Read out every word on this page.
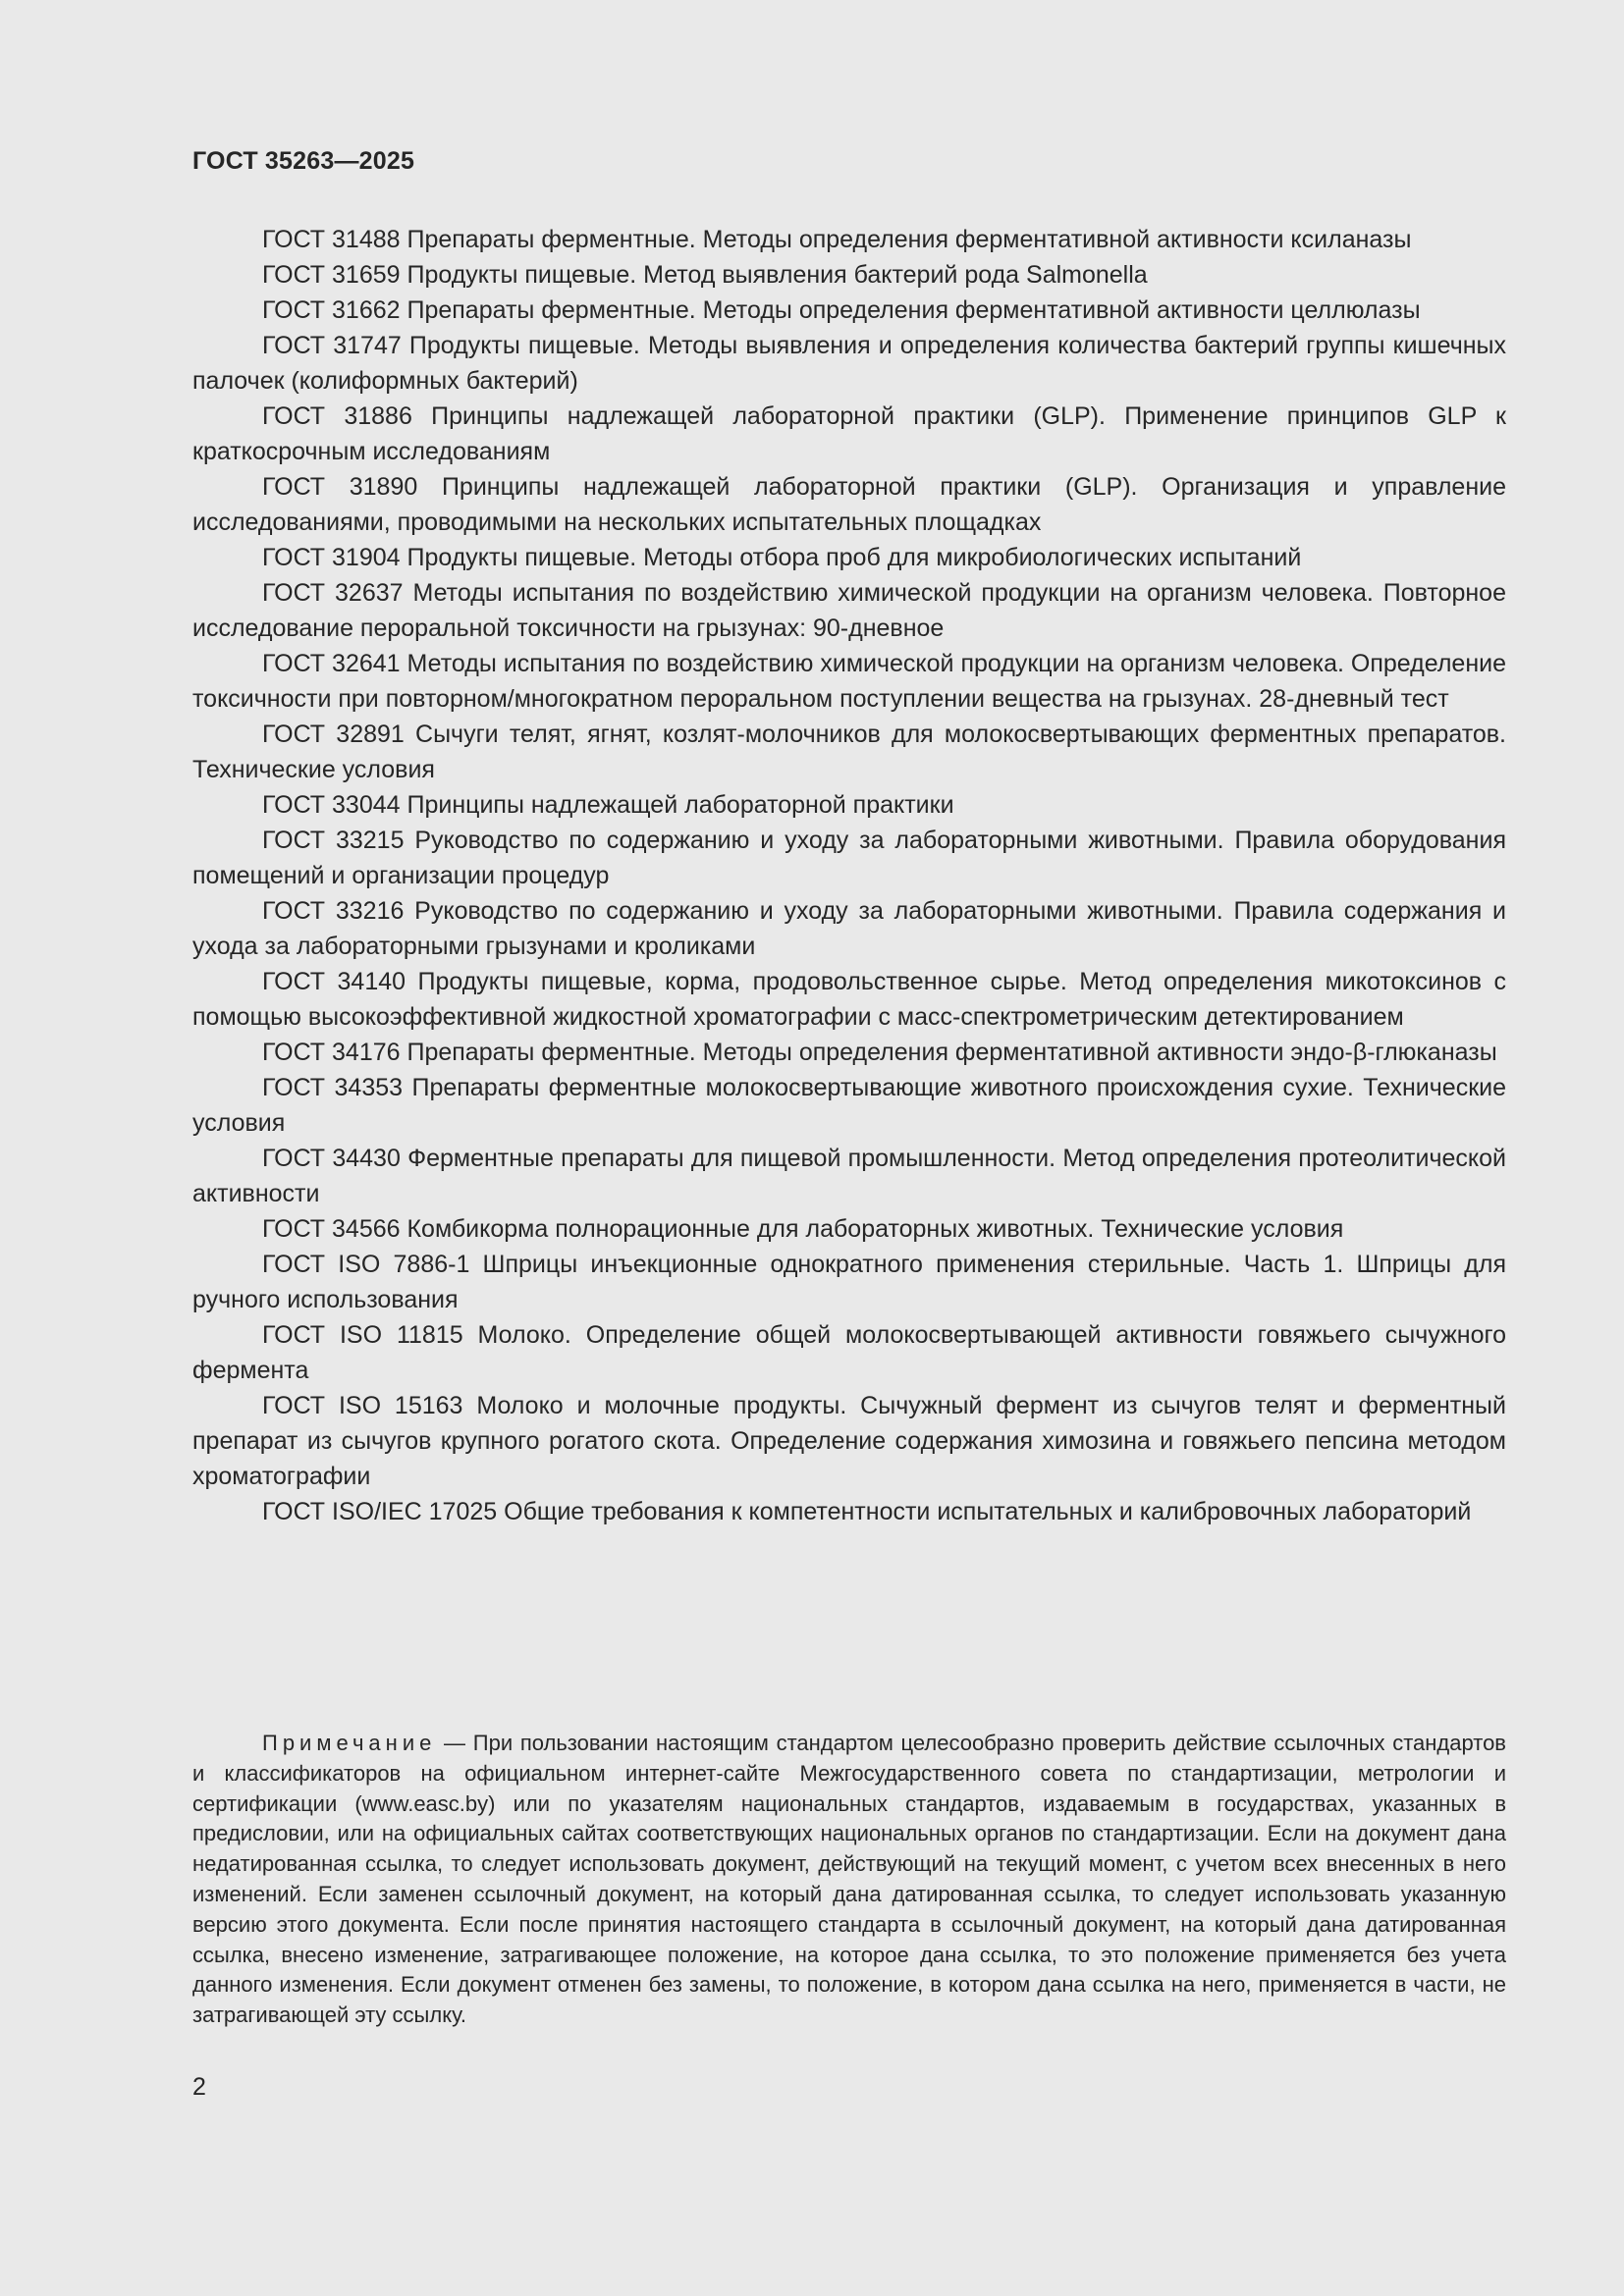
ГОСТ 35263—2025

ГОСТ 31488 Препараты ферментные. Методы определения ферментативной активности ксиланазы

ГОСТ 31659 Продукты пищевые. Метод выявления бактерий рода Salmonella

ГОСТ 31662 Препараты ферментные. Методы определения ферментативной активности целлюлазы

ГОСТ 31747 Продукты пищевые. Методы выявления и определения количества бактерий группы кишечных палочек (колиформных бактерий)

ГОСТ 31886 Принципы надлежащей лабораторной практики (GLP). Применение принципов GLP к краткосрочным исследованиям

ГОСТ 31890 Принципы надлежащей лабораторной практики (GLP). Организация и управление исследованиями, проводимыми на нескольких испытательных площадках

ГОСТ 31904 Продукты пищевые. Методы отбора проб для микробиологических испытаний

ГОСТ 32637 Методы испытания по воздействию химической продукции на организм человека. Повторное исследование пероральной токсичности на грызунах: 90-дневное

ГОСТ 32641 Методы испытания по воздействию химической продукции на организм человека. Определение токсичности при повторном/многократном пероральном поступлении вещества на грызунах. 28-дневный тест

ГОСТ 32891 Сычуги телят, ягнят, козлят-молочников для молокосвертывающих ферментных препаратов. Технические условия

ГОСТ 33044 Принципы надлежащей лабораторной практики

ГОСТ 33215 Руководство по содержанию и уходу за лабораторными животными. Правила оборудования помещений и организации процедур

ГОСТ 33216 Руководство по содержанию и уходу за лабораторными животными. Правила содержания и ухода за лабораторными грызунами и кроликами

ГОСТ 34140 Продукты пищевые, корма, продовольственное сырье. Метод определения микотоксинов с помощью высокоэффективной жидкостной хроматографии с масс-спектрометрическим детектированием

ГОСТ 34176 Препараты ферментные. Методы определения ферментативной активности эндо-β-глюканазы

ГОСТ 34353 Препараты ферментные молокосвертывающие животного происхождения сухие. Технические условия

ГОСТ 34430 Ферментные препараты для пищевой промышленности. Метод определения протеолитической активности

ГОСТ 34566 Комбикорма полнорационные для лабораторных животных. Технические условия

ГОСТ ISO 7886-1 Шприцы инъекционные однократного применения стерильные. Часть 1. Шприцы для ручного использования

ГОСТ ISO 11815 Молоко. Определение общей молокосвертывающей активности говяжьего сычужного фермента

ГОСТ ISO 15163 Молоко и молочные продукты. Сычужный фермент из сычугов телят и ферментный препарат из сычугов крупного рогатого скота. Определение содержания химозина и говяжьего пепсина методом хроматографии

ГОСТ ISO/IEC 17025 Общие требования к компетентности испытательных и калибровочных лабораторий

Примечание — При пользовании настоящим стандартом целесообразно проверить действие ссылочных стандартов и классификаторов на официальном интернет-сайте Межгосударственного совета по стандартизации, метрологии и сертификации (www.easc.by) или по указателям национальных стандартов, издаваемым в государствах, указанных в предисловии, или на официальных сайтах соответствующих национальных органов по стандартизации. Если на документ дана недатированная ссылка, то следует использовать документ, действующий на текущий момент, с учетом всех внесенных в него изменений. Если заменен ссылочный документ, на который дана датированная ссылка, то следует использовать указанную версию этого документа. Если после принятия настоящего стандарта в ссылочный документ, на который дана датированная ссылка, внесено изменение, затрагивающее положение, на которое дана ссылка, то это положение применяется без учета данного изменения. Если документ отменен без замены, то положение, в котором дана ссылка на него, применяется в части, не затрагивающей эту ссылку.

2
